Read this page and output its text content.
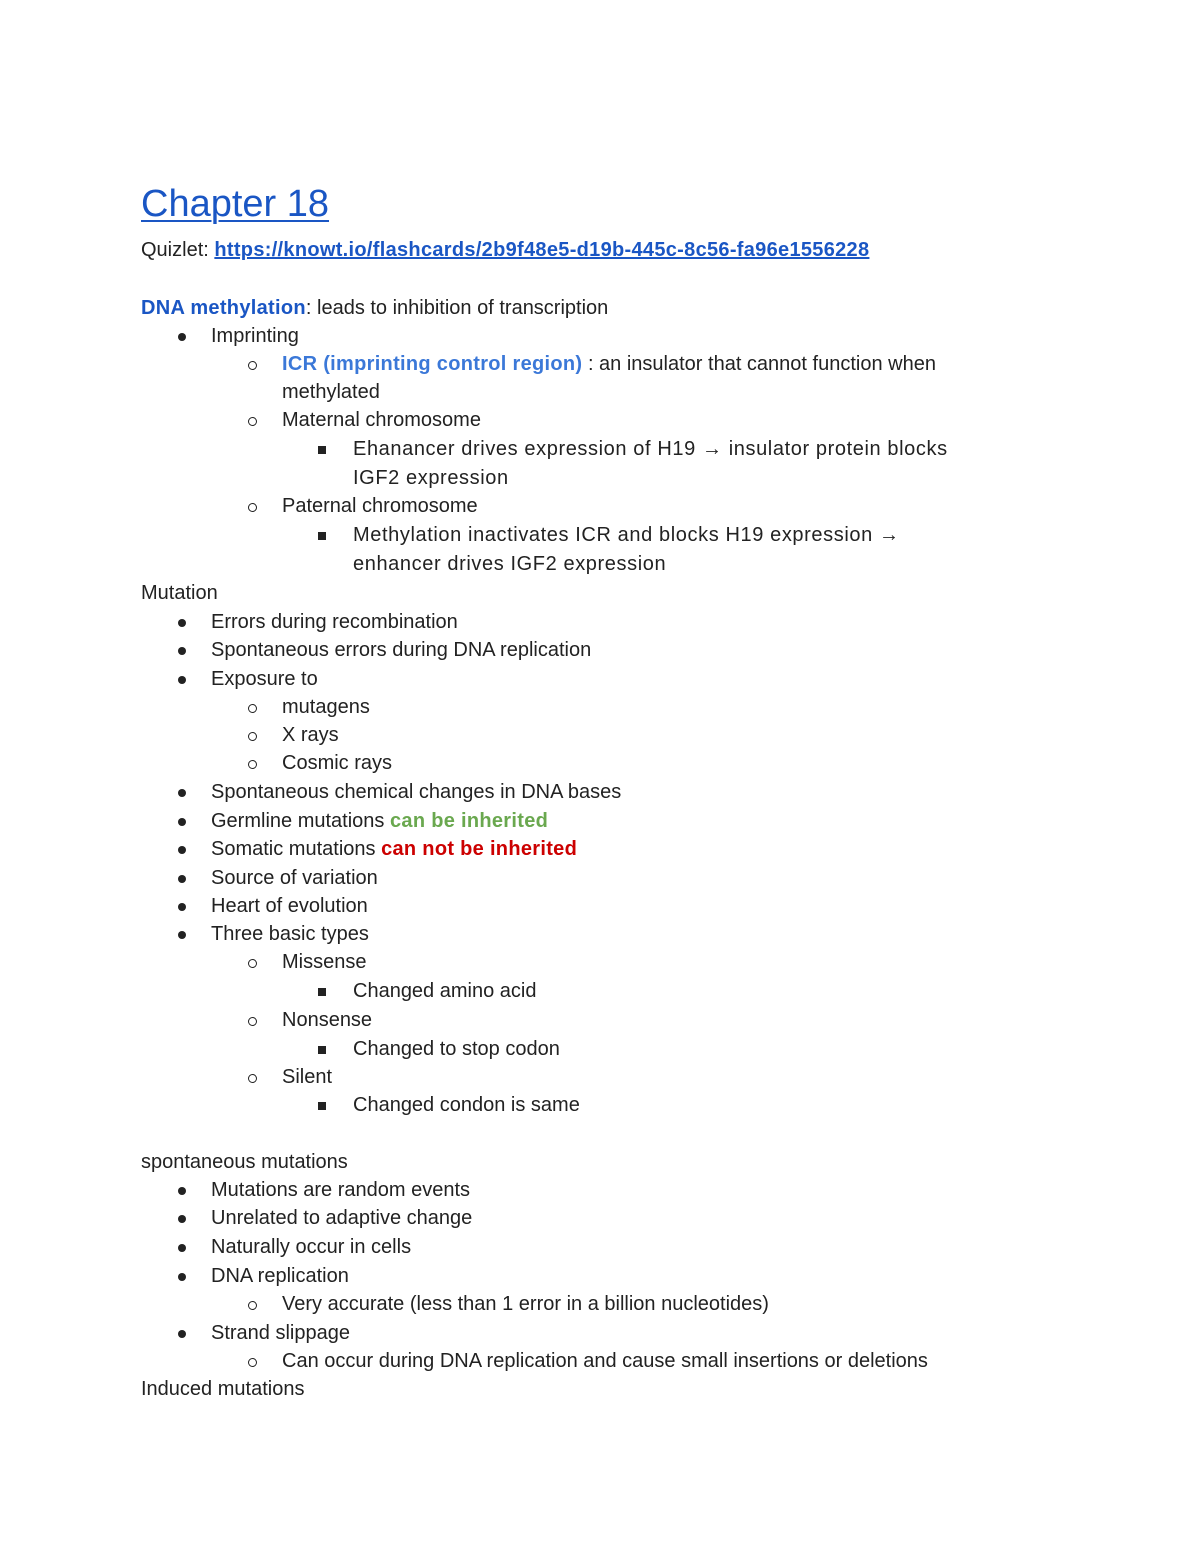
Chapter 18
Quizlet: https://knowt.io/flashcards/2b9f48e5-d19b-445c-8c56-fa96e1556228
DNA methylation: leads to inhibition of transcription
Imprinting
ICR (imprinting control region) : an insulator that cannot function when
methylated
Maternal chromosome
Ehanancer drives expression of H19 → insulator protein blocks
IGF2 expression
Paternal chromosome
Methylation inactivates ICR and blocks H19 expression →
enhancer drives IGF2 expression
Mutation
Errors during recombination
Spontaneous errors during DNA replication
Exposure to
mutagens
X rays
Cosmic rays
Spontaneous chemical changes in DNA bases
Germline mutations can be inherited
Somatic mutations can not be inherited
Source of variation
Heart of evolution
Three basic types
Missense
Changed amino acid
Nonsense
Changed to stop codon
Silent
Changed condon is same
spontaneous mutations
Mutations are random events
Unrelated to adaptive change
Naturally occur in cells
DNA replication
Very accurate (less than 1 error in a billion nucleotides)
Strand slippage
Can occur during DNA replication and cause small insertions or deletions
Induced mutations
